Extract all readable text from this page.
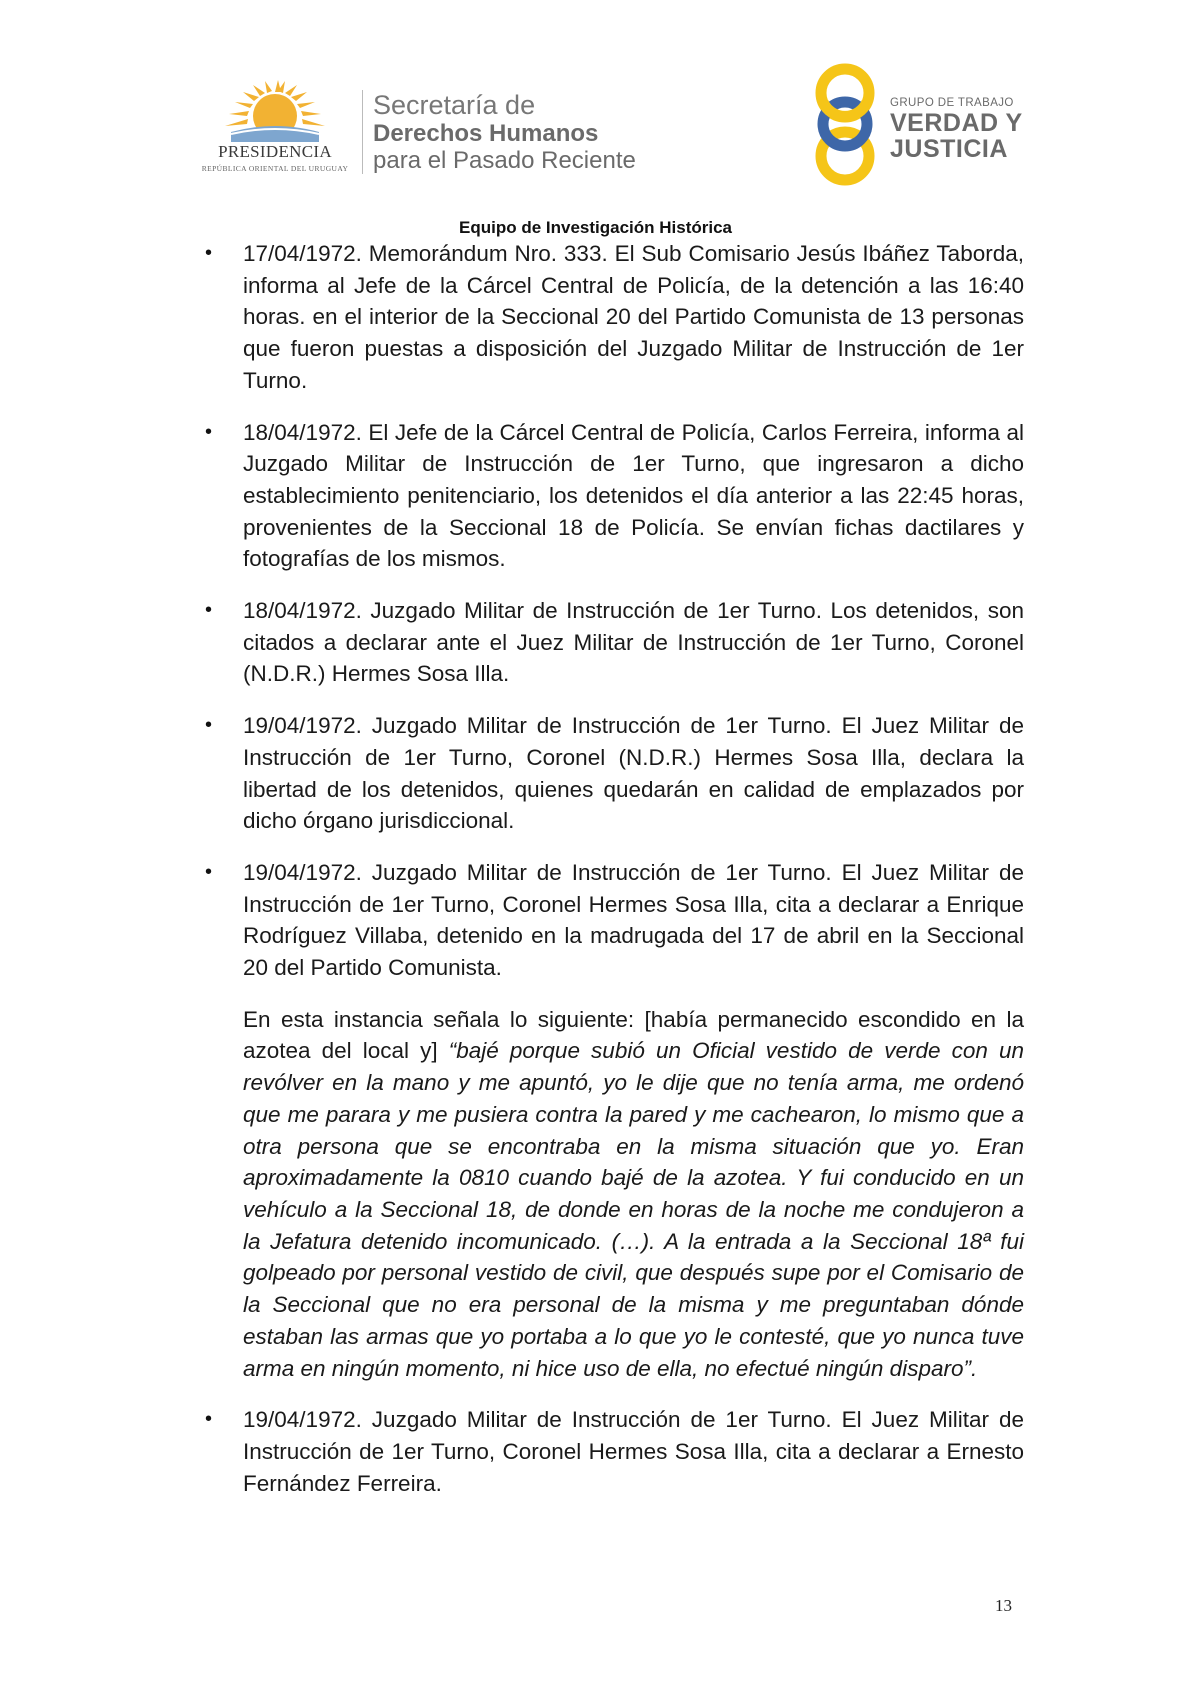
PRESIDENCIA
REPÚBLICA ORIENTAL DEL URUGUAY
Secretaría de
Derechos Humanos
para el Pasado Reciente
GRUPO DE TRABAJO
VERDAD Y
JUSTICIA
Equipo de Investigación Histórica
• 17/04/1972. Memorándum Nro. 333. El Sub Comisario Jesús Ibáñez Taborda, informa al Jefe de la Cárcel Central de Policía, de la detención a las 16:40 horas. en el interior de la Seccional 20 del Partido Comunista de 13 personas que fueron puestas a disposición del Juzgado Militar de Instrucción de 1er Turno.

• 18/04/1972. El Jefe de la Cárcel Central de Policía, Carlos Ferreira, informa al Juzgado Militar de Instrucción de 1er Turno, que ingresaron a dicho establecimiento penitenciario, los detenidos el día anterior a las 22:45 horas, provenientes de la Seccional 18 de Policía. Se envían fichas dactilares y fotografías de los mismos.

• 18/04/1972. Juzgado Militar de Instrucción de 1er Turno. Los detenidos, son citados a declarar ante el Juez Militar de Instrucción de 1er Turno, Coronel (N.D.R.) Hermes Sosa Illa.

• 19/04/1972. Juzgado Militar de Instrucción de 1er Turno. El Juez Militar de Instrucción de 1er Turno, Coronel (N.D.R.) Hermes Sosa Illa, declara la libertad de los detenidos, quienes quedarán en calidad de emplazados por dicho órgano jurisdiccional.

• 19/04/1972. Juzgado Militar de Instrucción de 1er Turno. El Juez Militar de Instrucción de 1er Turno, Coronel Hermes Sosa Illa, cita a declarar a Enrique Rodríguez Villaba, detenido en la madrugada del 17 de abril en la Seccional 20 del Partido Comunista.

En esta instancia señala lo siguiente: [había permanecido escondido en la azotea del local y] “bajé porque subió un Oficial vestido de verde con un revólver en la mano y me apuntó, yo le dije que no tenía arma, me ordenó que me parara y me pusiera contra la pared y me cachearon, lo mismo que a otra persona que se encontraba en la misma situación que yo. Eran aproximadamente la 0810 cuando bajé de la azotea. Y fui conducido en un vehículo a la Seccional 18, de donde en horas de la noche me condujeron a la Jefatura detenido incomunicado. (…). A la entrada a la Seccional 18ª fui golpeado por personal vestido de civil, que después supe por el Comisario de la Seccional que no era personal de la misma y me preguntaban dónde estaban las armas que yo portaba a lo que yo le contesté, que yo nunca tuve arma en ningún momento, ni hice uso de ella, no efectué ningún disparo”.

• 19/04/1972. Juzgado Militar de Instrucción de 1er Turno. El Juez Militar de Instrucción de 1er Turno, Coronel Hermes Sosa Illa, cita a declarar a Ernesto Fernández Ferreira.

13
